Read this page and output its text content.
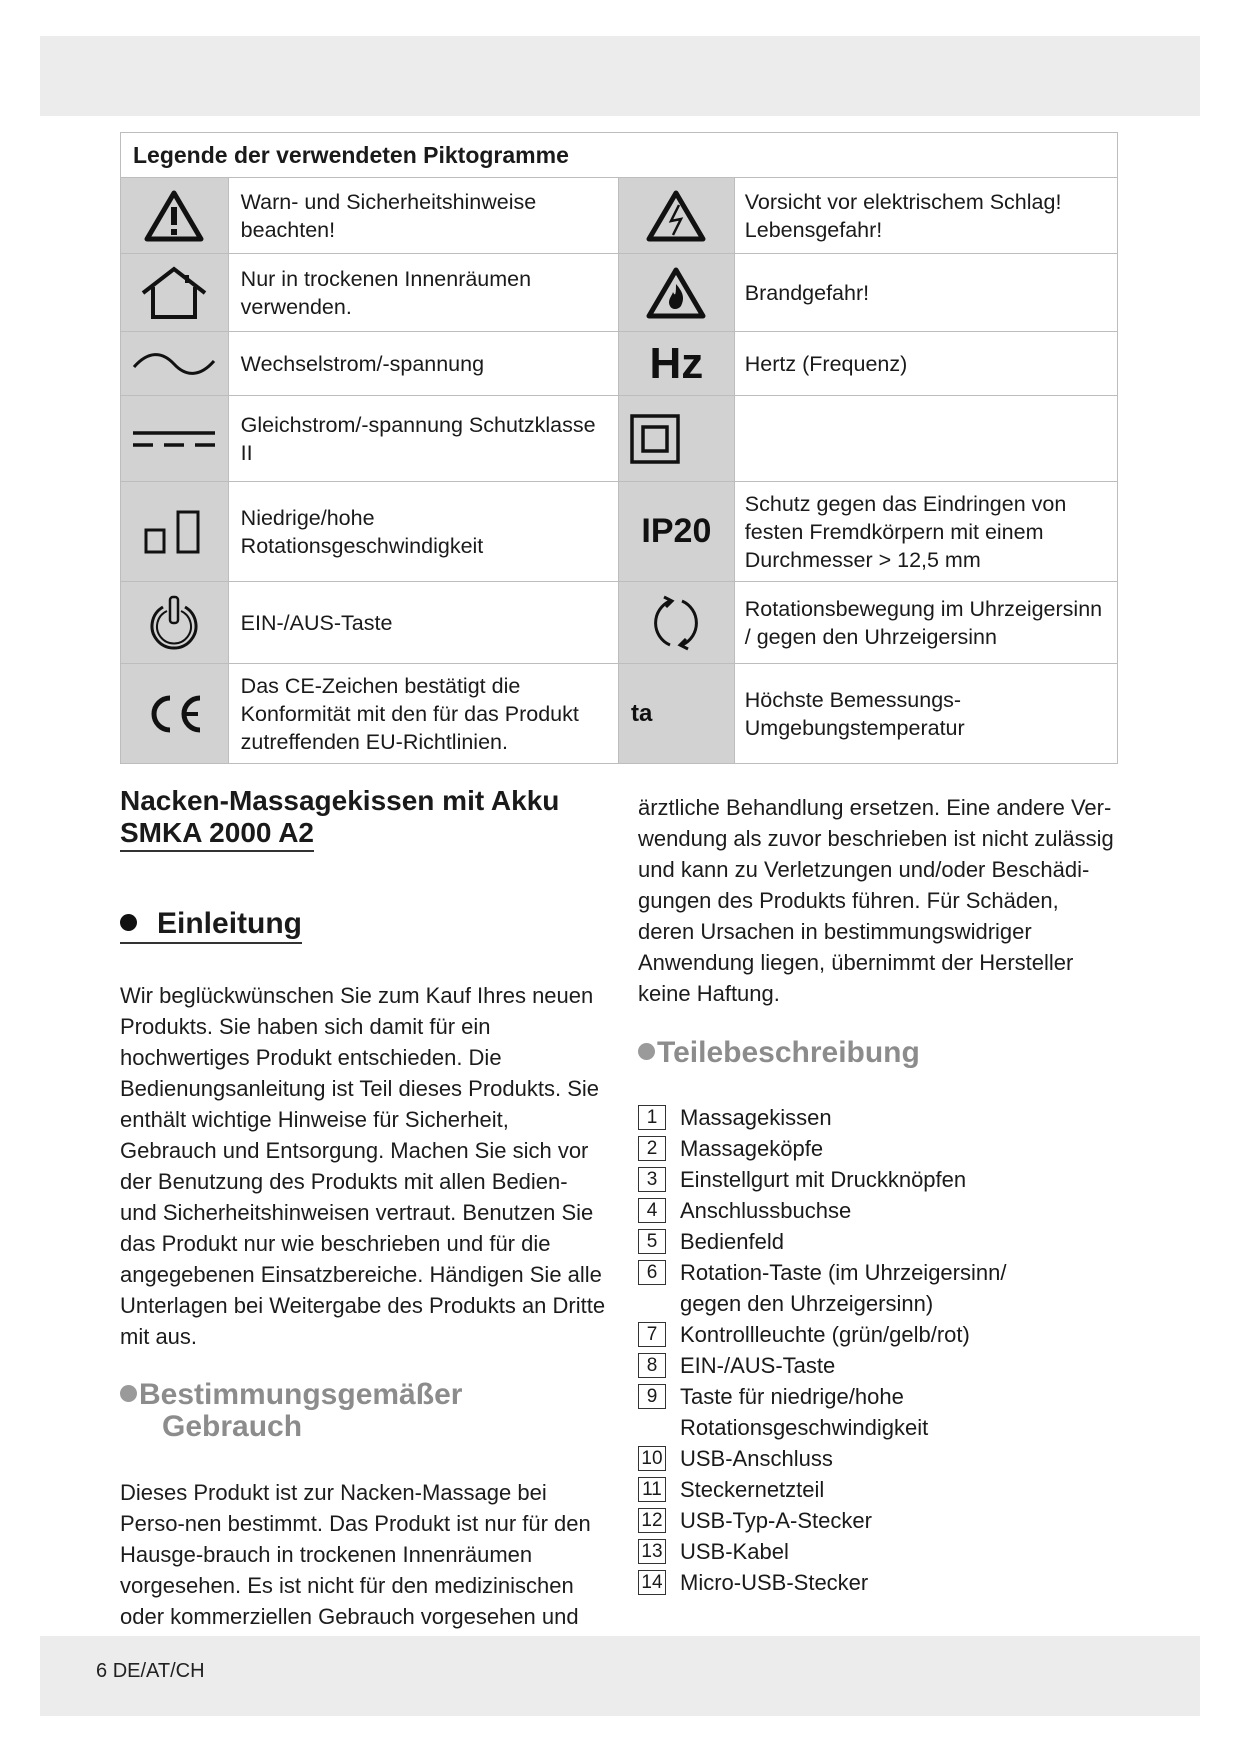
Legende der verwendeten Piktogramme			

	Warn- und Sicherheitshinweise beachten!		Vorsicht vor elektrischem Schlag! Lebensgefahr!

	Nur in trockenen Innenräumen verwenden.		Brandgefahr!

	Wechselstrom/-spannung	Hz	Hertz (Frequenz)

	Gleichstrom/-spannung Schutzklasse II	

	Niedrige/hohe Rotationsgeschwindigkeit	IP20	Schutz gegen das Eindringen von festen Fremdkörpern mit einem Durchmesser > 12,5 mm

	EIN-/AUS-Taste		Rotationsbewegung im Uhrzeigersinn / gegen den Uhrzeigersinn

	Das CE-Zeichen bestätigt die Konformität mit den für das Produkt zutreffenden EU-Richtlinien.	ta	Höchste Bemessungs-Umgebungstemperatur
Nacken-Massagekissen mit Akku
SMKA 2000 A2
Einleitung
Wir beglückwünschen Sie zum Kauf Ihres neuen Produkts. Sie haben sich damit für ein hochwertiges Produkt entschieden. Die Bedienungsanleitung ist Teil dieses Produkts. Sie enthält wichtige Hinweise für Sicherheit, Gebrauch und Entsorgung. Machen Sie sich vor der Benutzung des Produkts mit allen Bedien- und Sicherheitshinweisen vertraut. Benutzen Sie das Produkt nur wie beschrieben und für die angegebenen Einsatzbereiche. Händigen Sie alle Unterlagen bei Weitergabe des Produkts an Dritte mit aus.
Bestimmungsgemäßer
Gebrauch
Dieses Produkt ist zur Nacken-Massage bei Perso-nen bestimmt. Das Produkt ist nur für den Hausge-brauch in trockenen Innenräumen vorgesehen. Es ist nicht für den medizinischen oder kommerziellen Gebrauch vorgesehen und
ärztliche Behandlung ersetzen. Eine andere Ver-wendung als zuvor beschrieben ist nicht zulässig und kann zu Verletzungen und/oder Beschädi-gungen des Produkts führen. Für Schäden, deren Ursachen in bestimmungswidriger Anwendung liegen, übernimmt der Hersteller keine Haftung.
Teilebeschreibung
1	Massagekissen
2	Massageköpfe
3	Einstellgurt mit Druckknöpfen
4	Anschlussbuchse
5	Bedienfeld
6	Rotation-Taste (im Uhrzeigersinn/ gegen den Uhrzeigersinn)
7	Kontrollleuchte (grün/gelb/rot)
8	EIN-/AUS-Taste
9	Taste für niedrige/hohe Rotationsgeschwindigkeit
10 USB-Anschluss
11 Steckernetzteil
12 USB-Typ-A-Stecker
13 USB-Kabel
14 Micro-USB-Stecker
6 DE/AT/CH
